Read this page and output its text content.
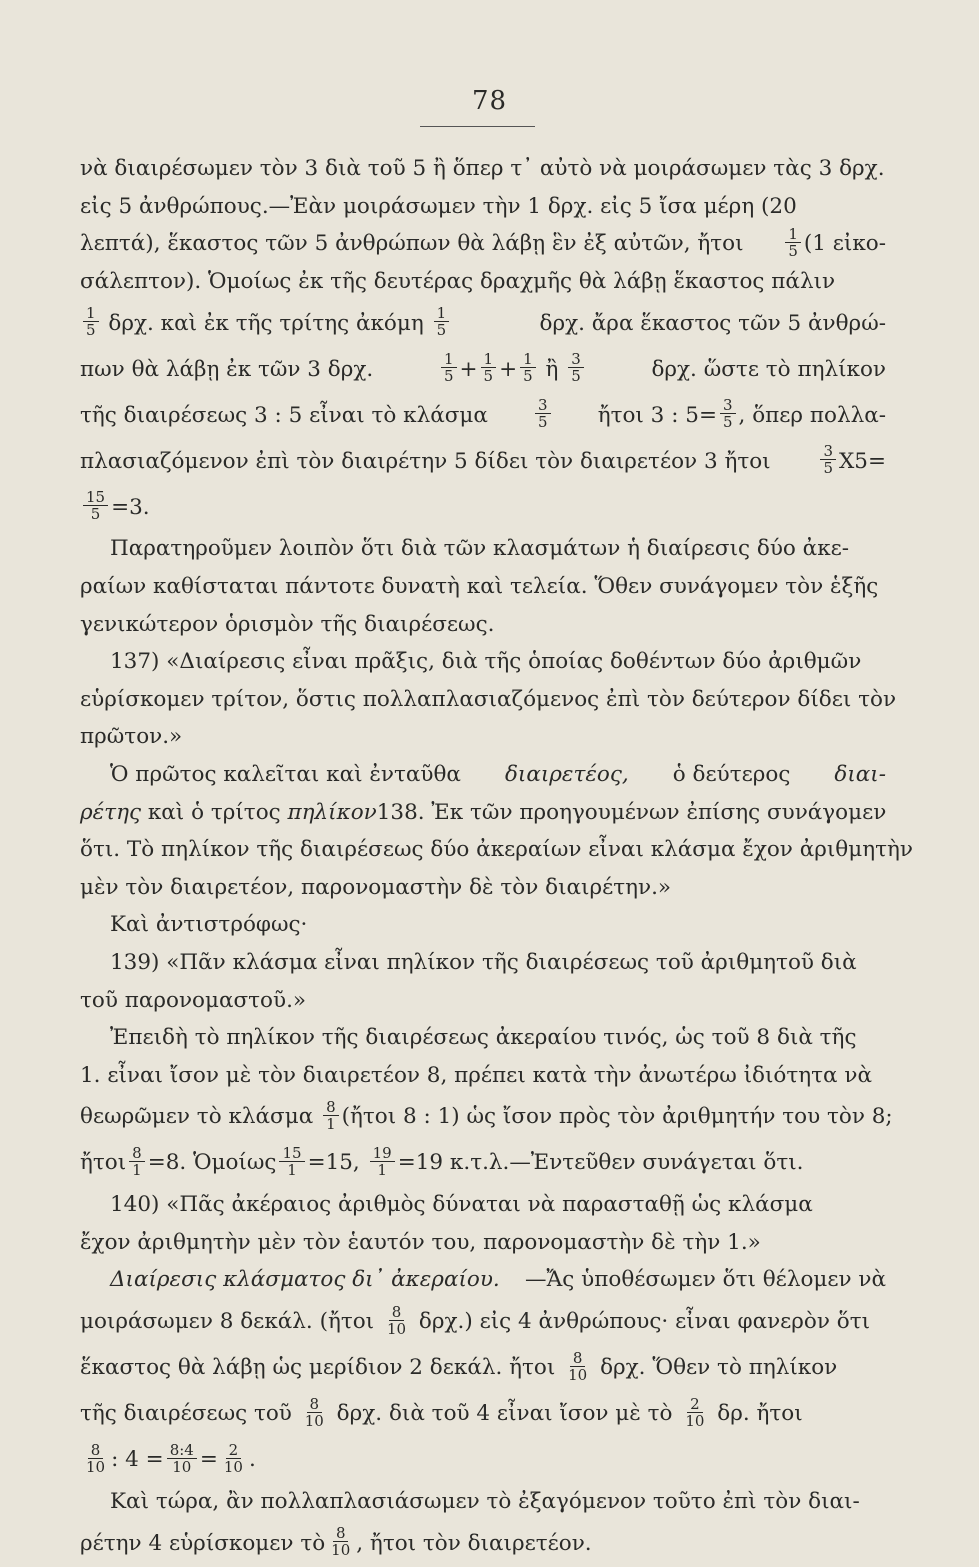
78
νὰ διαιρέσωμεν τὸν 3 διὰ τοῦ 5 ἢ ὅπερ τ᾽ αὐτὸ νὰ μοιράσωμεν τὰς 3 δρχ.
εἰς 5 ἀνθρώπους.—Ἐὰν μοιράσωμεν τὴν 1 δρχ. εἰς 5 ἴσα μέρη (20
λεπτά), ἕκαστος τῶν 5 ἀνθρώπων θὰ λάβῃ ἓν ἐξ αὐτῶν, ἤτοι	$\frac{1}{5} (1$ εἰκο-
σάλεπτον). Ὁμοίως ἐκ τῆς δευτέρας δραχμῆς θὰ λάβῃ ἕκαστος πάλιν
$\frac{1}{5} \delta\rho\chi$. καὶ ἐκ τῆς τρίτης ἀκόμη $\frac{1}{5}$	δρχ. ἄρα ἕκαστος τῶν 5 ἀνθρώ-
πων θὰ λάβῃ ἐκ τῶν 3 δρχ.	$\frac{1}{5} + \frac{1}{5} + \frac{1}{5}$ ἢ $\frac{3}{5}$	δρχ. ὥστε τὸ πηλίκον
τῆς διαιρέσεως 3 : 5 εἶναι τὸ κλάσμα	$\frac{3}{5}$ ἤτοι 3 : $5= \frac{3}{5}$ , ὅπερ πολλα-
πλασιαζόμενον ἐπὶ τὸν διαιρέτην 5 δίδει τὸν διαιρετέον 3 ἤτοι	$\frac{3}{5} X5=$
$\frac{15}{5} =3$.
Παρατηροῦμεν λοιπὸν ὅτι διὰ τῶν κλασμάτων ἡ διαίρεσις δύο ἀκε-
ραίων καθίσταται πάντοτε δυνατὴ καὶ τελεία. Ὅθεν συνάγομεν τὸν ἑξῆς
γενικώτερον ὁρισμὸν τῆς διαιρέσεως.
137) «Διαίρεσις εἶναι πρᾶξις, διὰ τῆς ὁποίας δοθέντων δύο ἀριθμῶν
εὑρίσκομεν τρίτον, ὅστις πολλαπλασιαζόμενος ἐπὶ τὸν δεύτερον δίδει τὸν
πρῶτον.»
Ὁ πρῶτος καλεῖται καὶ ἐνταῦθα διαιρετέος, ὁ δεύτερος διαι-
ρέτης καὶ ὁ τρίτος πηλίκον138. Ἐκ τῶν προηγουμένων ἐπίσης συνάγομεν
ὅτι. Τὸ πηλίκον τῆς διαιρέσεως δύο ἀκεραίων εἶναι κλάσμα ἔχον ἀριθμητὴν
μὲν τὸν διαιρετέον, παρονομαστὴν δὲ τὸν διαιρέτην.»
Καὶ ἀντιστρόφως·
139) «Πᾶν κλάσμα εἶναι πηλίκον τῆς διαιρέσεως τοῦ ἀριθμητοῦ διὰ
τοῦ παρονομαστοῦ.»
Ἐπειδὴ τὸ πηλίκον τῆς διαιρέσεως ἀκεραίου τινός, ὡς τοῦ 8 διὰ τῆς
1. εἶναι ἴσον μὲ τὸν διαιρετέον 8, πρέπει κατὰ τὴν ἀνωτέρω ἰδιότητα νὰ
θεωρῶμεν τὸ κλάσμα $\frac{8}{1}$ (ἤτοι 8 : 1) ὡς ἴσον πρὸς τὸν ἀριθμητήν του τὸν 8;
ἤτοι $\frac{8}{1} =8$. Ὁμοίως $\frac{15}{1} =15$, $\frac{19}{1} =19$ κ.τ.λ.—Ἐντεῦθεν συνάγεται ὅτι.
140) «Πᾶς ἀκέραιος ἀριθμὸς δύναται νὰ παρασταθῇ ὡς κλάσμα
ἔχον ἀριθμητὴν μὲν τὸν ἑαυτόν του, παρονομαστὴν δὲ τὴν 1.»
Διαίρεσις κλάσματος δι᾽ ἀκεραίου. —Ἄς ὑποθέσωμεν ὅτι θέλομεν νὰ
μοιράσωμεν 8 δεκάλ. (ἤτοι $\frac{8}{10} \delta\rho\chi$.) εἰς 4 ἀνθρώπους· εἶναι φανερὸν ὅτι
ἕκαστος θὰ λάβῃ ὡς μερίδιον 2 δεκάλ. ἤτοι $\frac{8}{10} \delta\rho\chi$. Ὅθεν τὸ πηλίκον
τῆς διαιρέσεως τοῦ $\frac{8}{10} \delta\rho\chi$. διὰ τοῦ 4 εἶναι ἴσον μὲ τὸ $\frac{2}{10} \delta\rho$. ἤτοι
$\frac{8}{10}$ : $4 = \frac{8:4}{10} = \frac{2}{10}$ .
Καὶ τώρα, ἂν πολλαπλασιάσωμεν τὸ ἐξαγόμενον τοῦτο ἐπὶ τὸν διαι-
ρέτην 4 εὑρίσκομεν τὸ $\frac{8}{10}$ , ἤτοι τὸν διαιρετέον.
